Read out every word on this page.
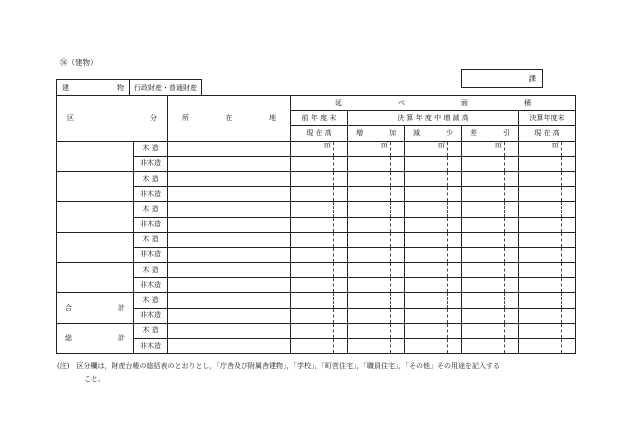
㊱（建物）
課
建	物	行政財産・普通財産
区 分		所 在 地	延 べ 面 積									

			前 年 度 末		決 算 年 度 中 増 減 高						決算年度末	
			現 在 高		増 加		減 少		差 引		現 在 高	
	木 造		㎡		㎡		㎡		㎡		㎡	
	非木造											
	木 造											
	非木造											
	木 造											
	非木造											
	木 造											
	非木造											
	木 造											
	非木造											

合 計	木 造											
	非木造											

総 計	木 造											
	非木造											
(注)　区分欄は，財産台帳の総括表のとおりとし，「庁舎及び附属舎建物」，「学校」，「町営住宅」，「職員住宅」，「その他」その用途を記入する
こと。
